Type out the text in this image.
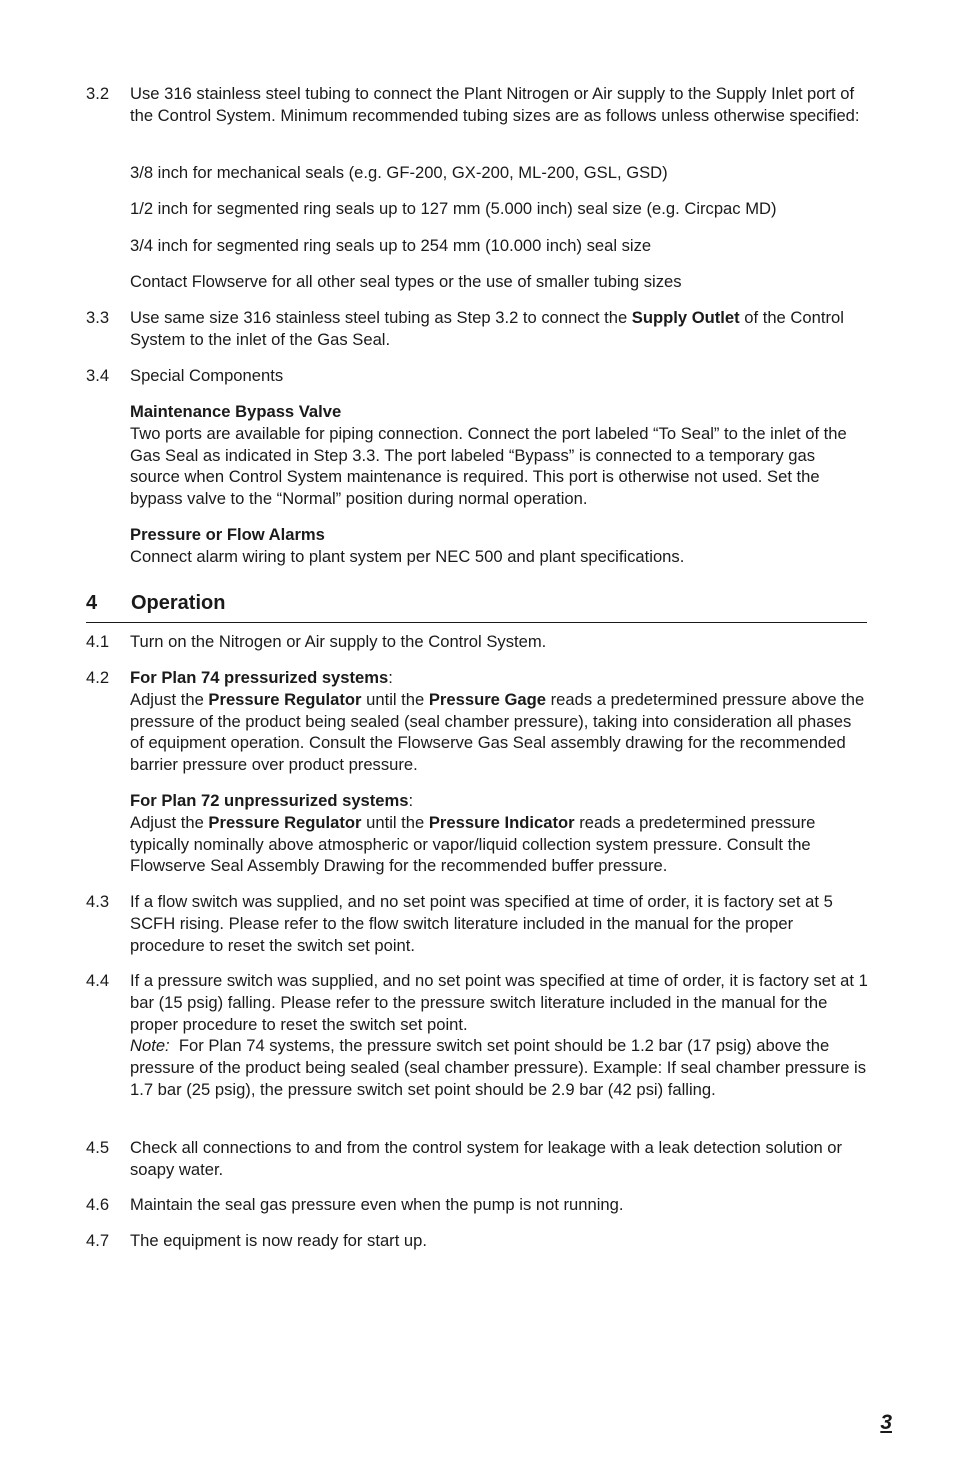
3.2	Use 316 stainless steel tubing to connect the Plant Nitrogen or Air supply to the Supply Inlet port of the Control System. Minimum recommended tubing sizes are as follows unless otherwise specified:

3/8 inch for mechanical seals (e.g. GF-200, GX-200, ML-200, GSL, GSD)

1/2 inch for segmented ring seals up to 127 mm (5.000 inch) seal size (e.g. Circpac MD)

3/4 inch for segmented ring seals up to 254 mm (10.000 inch) seal size

Contact Flowserve for all other seal types or the use of smaller tubing sizes

3.3	Use same size 316 stainless steel tubing as Step 3.2 to connect the Supply Outlet of the Control System to the inlet of the Gas Seal.

3.4	Special Components

Maintenance Bypass Valve

Two ports are available for piping connection. Connect the port labeled “To Seal” to the inlet of the Gas Seal as indicated in Step 3.3. The port labeled “Bypass” is connected to a temporary gas source when Control System maintenance is required. This port is otherwise not used. Set the bypass valve to the “Normal” position during normal operation.

Pressure or Flow Alarms

Connect alarm wiring to plant system per NEC 500 and plant specifications.

4 Operation
4.1	Turn on the Nitrogen or Air supply to the Control System.

4.2	For Plan 74 pressurized systems:

Adjust the Pressure Regulator until the Pressure Gage reads a predetermined pressure above the pressure of the product being sealed (seal chamber pressure), taking into consideration all phases of equipment operation. Consult the Flowserve Gas Seal assembly drawing for the recommended barrier pressure over product pressure.

For Plan 72 unpressurized systems:

Adjust the Pressure Regulator until the Pressure Indicator reads a predetermined pressure typically nominally above atmospheric or vapor/liquid collection system pressure. Consult the Flowserve Seal Assembly Drawing for the recommended buffer pressure.

4.3	If a flow switch was supplied, and no set point was specified at time of order, it is factory set at 5 SCFH rising. Please refer to the flow switch literature included in the manual for the proper procedure to reset the switch set point.

4.4	If a pressure switch was supplied, and no set point was specified at time of order, it is factory set at 1 bar (15 psig) falling. Please refer to the pressure switch literature included in the manual for the proper procedure to reset the switch set point.

Note: For Plan 74 systems, the pressure switch set point should be 1.2 bar (17 psig) above the pressure of the product being sealed (seal chamber pressure). Example: If seal chamber pressure is 1.7 bar (25 psig), the pressure switch set point should be 2.9 bar (42 psi) falling.

4.5	Check all connections to and from the control system for leakage with a leak detection solution or soapy water.

4.6	Maintain the seal gas pressure even when the pump is not running.

4.7	The equipment is now ready for start up.

3
